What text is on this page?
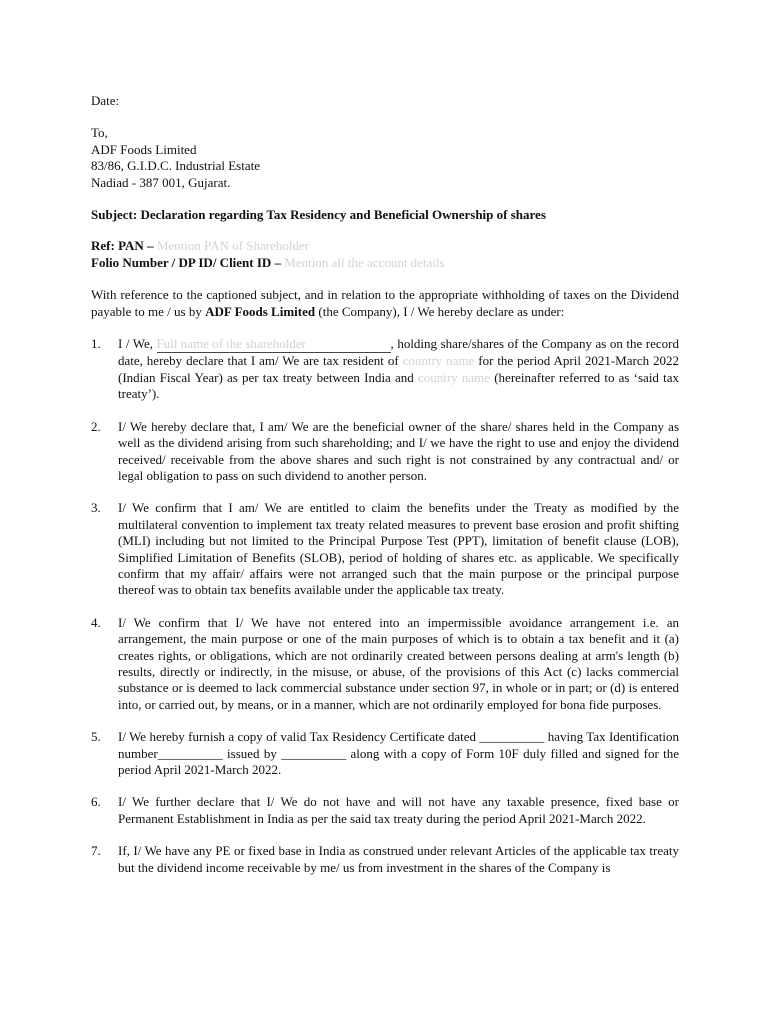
Date:

To,
ADF Foods Limited
83/86, G.I.D.C. Industrial Estate
Nadiad - 387 001, Gujarat.

Subject: Declaration regarding Tax Residency and Beneficial Ownership of shares

Ref: PAN – Mention PAN of Shareholder
Folio Number / DP ID/ Client ID – Mention all the account details

With reference to the captioned subject, and in relation to the appropriate withholding of taxes on the Dividend payable to me / us by ADF Foods Limited (the Company), I / We hereby declare as under:

1. I / We, Full name of the shareholder	, holding share/shares of the Company as on the record date, hereby declare that I am/ We are tax resident of country name for the period April 2021-March 2022 (Indian Fiscal Year) as per tax treaty between India and country name (hereinafter referred to as ‘said tax treaty’).
2. I/ We hereby declare that, I am/ We are the beneficial owner of the share/ shares held in the Company as well as the dividend arising from such shareholding; and I/ we have the right to use and enjoy the dividend received/ receivable from the above shares and such right is not constrained by any contractual and/ or legal obligation to pass on such dividend to another person.
3. I/ We confirm that I am/ We are entitled to claim the benefits under the Treaty as modified by the multilateral convention to implement tax treaty related measures to prevent base erosion and profit shifting (MLI) including but not limited to the Principal Purpose Test (PPT), limitation of benefit clause (LOB), Simplified Limitation of Benefits (SLOB), period of holding of shares etc. as applicable. We specifically confirm that my affair/ affairs were not arranged such that the main purpose or the principal purpose thereof was to obtain tax benefits available under the applicable tax treaty.
4. I/ We confirm that I/ We have not entered into an impermissible avoidance arrangement i.e. an arrangement, the main purpose or one of the main purposes of which is to obtain a tax benefit and it (a) creates rights, or obligations, which are not ordinarily created between persons dealing at arm's length (b) results, directly or indirectly, in the misuse, or abuse, of the provisions of this Act (c) lacks commercial substance or is deemed to lack commercial substance under section 97, in whole or in part; or (d) is entered into, or carried out, by means, or in a manner, which are not ordinarily employed for bona fide purposes.
5. I/ We hereby furnish a copy of valid Tax Residency Certificate dated __________ having Tax Identification number__________ issued by __________ along with a copy of Form 10F duly filled and signed for the period April 2021-March 2022.
6. I/ We further declare that I/ We do not have and will not have any taxable presence, fixed base or Permanent Establishment in India as per the said tax treaty during the period April 2021-March 2022.
7. If, I/ We have any PE or fixed base in India as construed under relevant Articles of the applicable tax treaty but the dividend income receivable by me/ us from investment in the shares of the Company is
